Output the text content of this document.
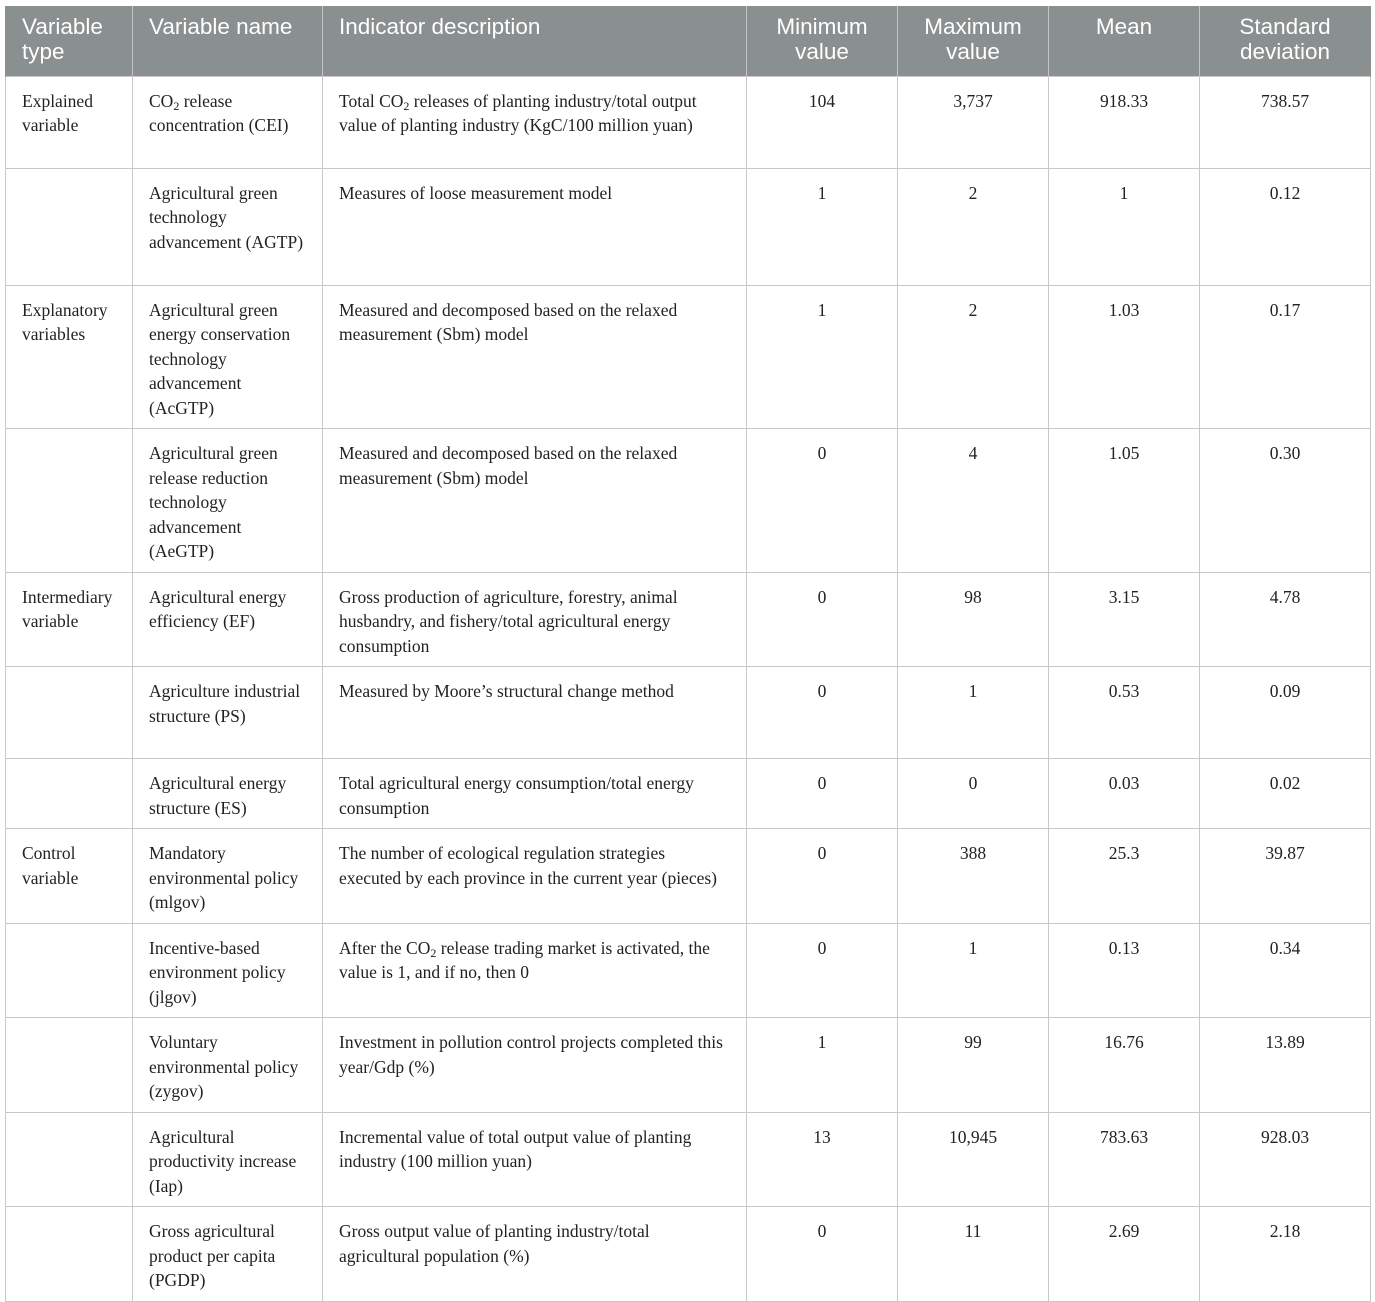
Variable type	Variable name	Indicator description	Minimum value	Maximum value	Mean	Standard deviation
Explained variable	$CO_2$ release concentration (CEI)	Total $CO_2$ releases of planting industry/total output value of planting industry (KgC/100 million yuan)	104	3,737	918.33	738.57
	Agricultural green technology advancement (AGTP)	Measures of loose measurement model	1	2	1	0.12
Explanatory variables	Agricultural green energy conservation technology advancement (AcGTP)	Measured and decomposed based on the relaxed measurement (Sbm) model	1	2	1.03	0.17
	Agricultural green release reduction technology advancement (AeGTP)	Measured and decomposed based on the relaxed measurement (Sbm) model	0	4	1.05	0.30
Intermediary variable	Agricultural energy efficiency (EF)	Gross production of agriculture, forestry, animal husbandry, and fishery/total agricultural energy consumption	0	98	3.15	4.78
	Agriculture industrial structure (PS)	Measured by Moore’s structural change method	0	1	0.53	0.09
	Agricultural energy structure (ES)	Total agricultural energy consumption/total energy consumption	0	0	0.03	0.02
Control variable	Mandatory environmental policy (mlgov)	The number of ecological regulation strategies executed by each province in the current year (pieces)	0	388	25.3	39.87
	Incentive-based environment policy (jlgov)	After the $CO_2$ release trading market is activated, the value is 1, and if no, then 0	0	1	0.13	0.34
	Voluntary environmental policy (zygov)	Investment in pollution control projects completed this year/Gdp (%)	1	99	16.76	13.89
	Agricultural productivity increase (Iap)	Incremental value of total output value of planting industry (100 million yuan)	13	10,945	783.63	928.03
	Gross agricultural product per capita (PGDP)	Gross output value of planting industry/total agricultural population (%)	0	11	2.69	2.18
